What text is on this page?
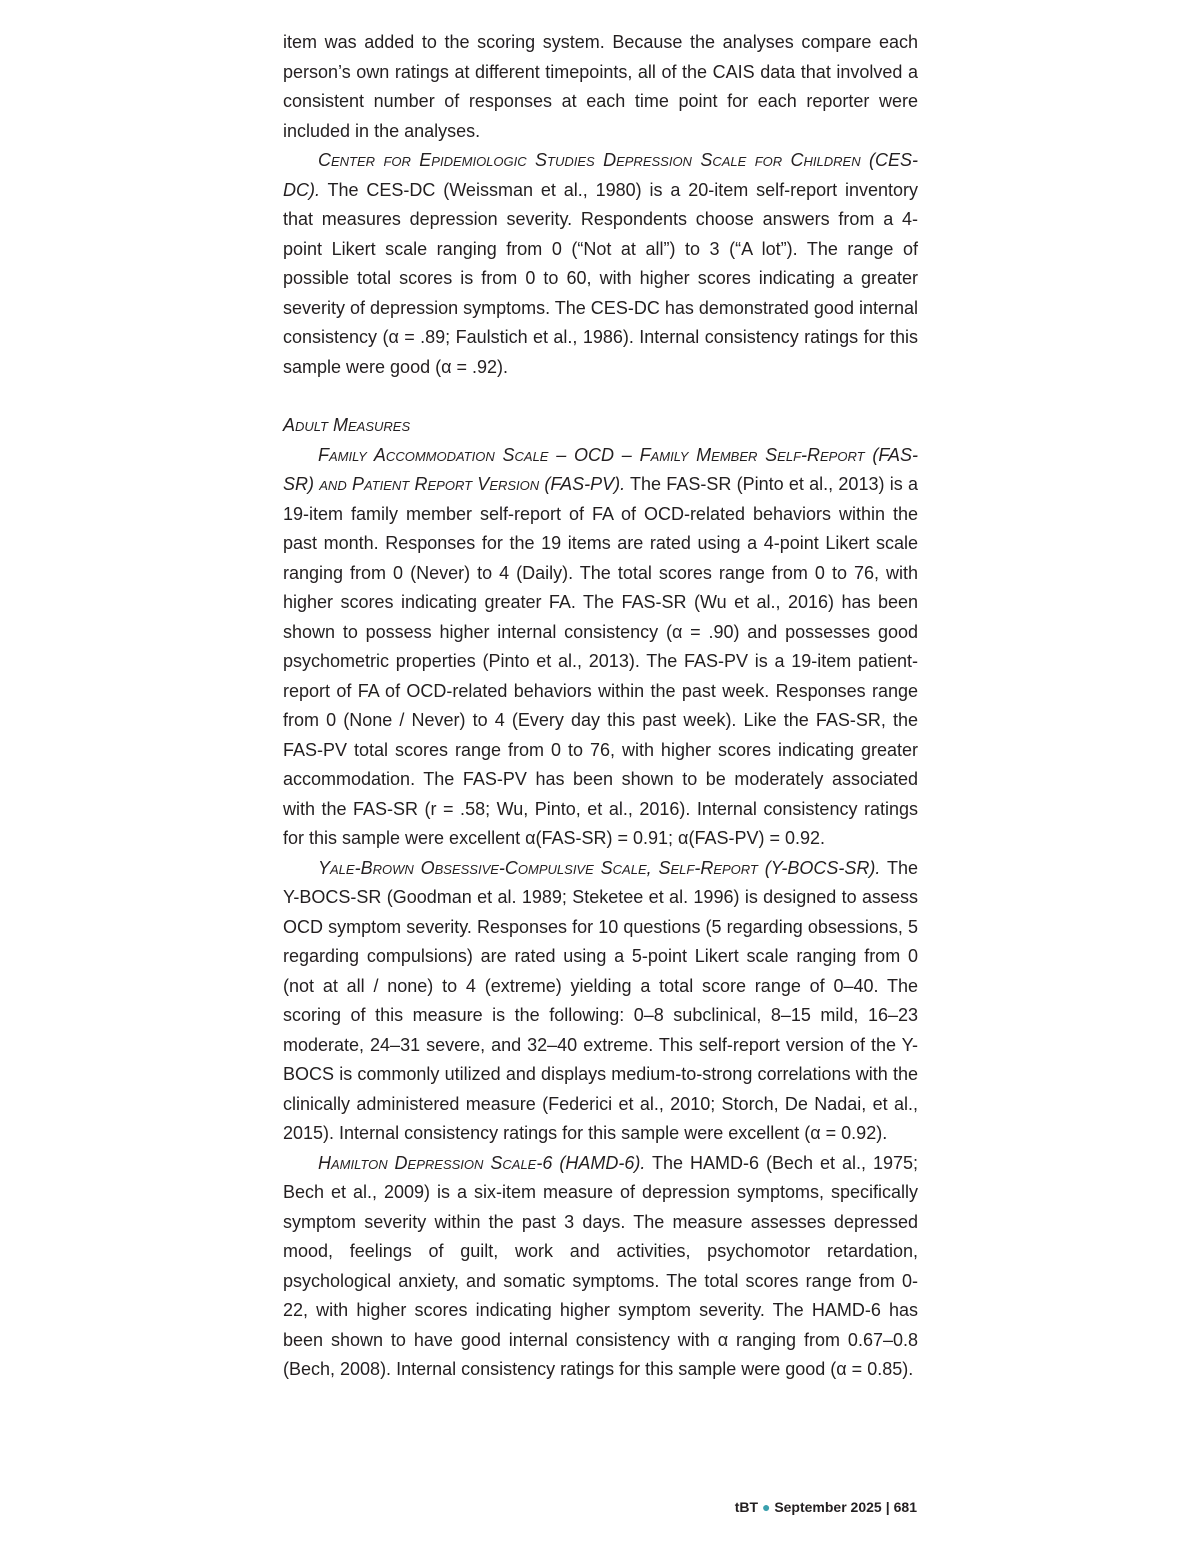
item was added to the scoring system. Because the analyses compare each person’s own ratings at different timepoints, all of the CAIS data that involved a consistent number of responses at each time point for each reporter were included in the analyses.

Center for Epidemiologic Studies Depression Scale for Children (CES-DC). The CES-DC (Weissman et al., 1980) is a 20-item self-report inventory that measures depression severity. Respondents choose answers from a 4-point Likert scale ranging from 0 (“Not at all”) to 3 (“A lot”). The range of possible total scores is from 0 to 60, with higher scores indicating a greater severity of depression symptoms. The CES-DC has demonstrated good internal consistency (α = .89; Faulstich et al., 1986). Internal consistency ratings for this sample were good (α = .92).

Adult Measures

Family Accommodation Scale – OCD – Family Member Self-Report (FAS-SR) and Patient Report Version (FAS-PV). The FAS-SR (Pinto et al., 2013) is a 19-item family member self-report of FA of OCD-related behaviors within the past month. Responses for the 19 items are rated using a 4-point Likert scale ranging from 0 (Never) to 4 (Daily). The total scores range from 0 to 76, with higher scores indicating greater FA. The FAS-SR (Wu et al., 2016) has been shown to possess higher internal consistency (α = .90) and possesses good psychometric properties (Pinto et al., 2013). The FAS-PV is a 19-item patient-report of FA of OCD-related behaviors within the past week. Responses range from 0 (None / Never) to 4 (Every day this past week). Like the FAS-SR, the FAS-PV total scores range from 0 to 76, with higher scores indicating greater accommodation. The FAS-PV has been shown to be moderately associated with the FAS-SR (r = .58; Wu, Pinto, et al., 2016). Internal consistency ratings for this sample were excellent α(FAS-SR) = 0.91; α(FAS-PV) = 0.92.

Yale-Brown Obsessive-Compulsive Scale, Self-Report (Y-BOCS-SR). The Y-BOCS-SR (Goodman et al. 1989; Steketee et al. 1996) is designed to assess OCD symptom severity. Responses for 10 questions (5 regarding obsessions, 5 regarding compulsions) are rated using a 5-point Likert scale ranging from 0 (not at all / none) to 4 (extreme) yielding a total score range of 0–40. The scoring of this measure is the following: 0–8 subclinical, 8–15 mild, 16–23 moderate, 24–31 severe, and 32–40 extreme. This self-report version of the Y-BOCS is commonly utilized and displays medium-to-strong correlations with the clinically administered measure (Federici et al., 2010; Storch, De Nadai, et al., 2015). Internal consistency ratings for this sample were excellent (α = 0.92).

Hamilton Depression Scale-6 (HAMD-6). The HAMD-6 (Bech et al., 1975; Bech et al., 2009) is a six-item measure of depression symptoms, specifically symptom severity within the past 3 days. The measure assesses depressed mood, feelings of guilt, work and activities, psychomotor retardation, psychological anxiety, and somatic symptoms. The total scores range from 0-22, with higher scores indicating higher symptom severity. The HAMD-6 has been shown to have good internal consistency with α ranging from 0.67–0.8 (Bech, 2008). Internal consistency ratings for this sample were good (α = 0.85).

tBT ● September 2025 | 681
